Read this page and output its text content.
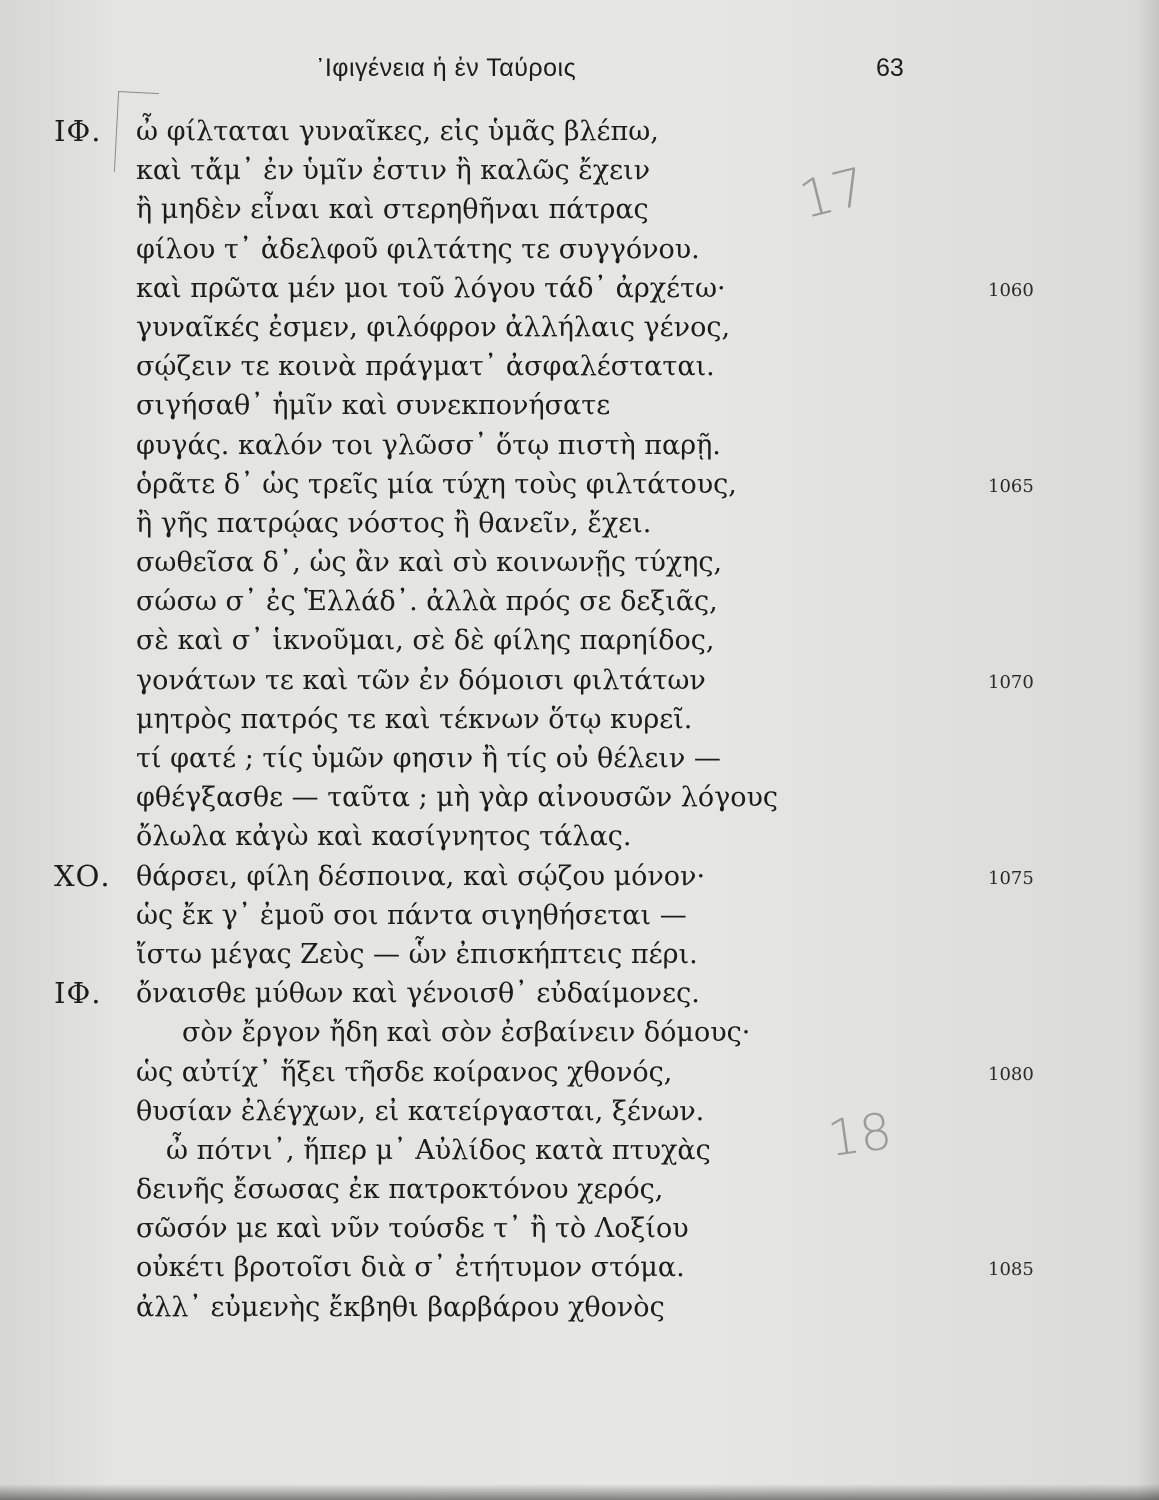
᾿Ιφιγένεια ἡ ἐν Ταύροις	63
17
18
ΙΦ. ὦ φίλταται γυναῖκες, εἰς ὑμᾶς βλέπω,
καὶ τἄμ᾿ ἐν ὑμῖν ἐστιν ἢ καλῶς ἔχειν
ἢ μηδὲν εἶναι καὶ στερηθῆναι πάτρας
φίλου τ᾿ ἀδελφοῦ φιλτάτης τε συγγόνου.
καὶ πρῶτα μέν μοι τοῦ λόγου τάδ᾿ ἀρχέτω·	1060
γυναῖκές ἐσμεν, φιλόφρον ἀλλήλαις γένος,
σῴζειν τε κοινὰ πράγματ᾿ ἀσφαλέσταται.
σιγήσαθ᾿ ἡμῖν καὶ συνεκπονήσατε
φυγάς. καλόν τοι γλῶσσ᾿ ὅτῳ πιστὴ παρῇ.
ὁρᾶτε δ᾿ ὡς τρεῖς μία τύχη τοὺς φιλτάτους,	1065
ἢ γῆς πατρῴας νόστος ἢ θανεῖν, ἔχει.
σωθεῖσα δ᾿, ὡς ἂν καὶ σὺ κοινωνῇς τύχης,
σώσω σ᾿ ἐς Ἑλλάδ᾿. ἀλλὰ πρός σε δεξιᾶς,
σὲ καὶ σ᾿ ἱκνοῦμαι, σὲ δὲ φίλης παρηίδος,
γονάτων τε καὶ τῶν ἐν δόμοισι φιλτάτων	1070
μητρὸς πατρός τε καὶ τέκνων ὅτῳ κυρεῖ.
τί φατέ ; τίς ὑμῶν φησιν ἢ τίς οὐ θέλειν —
φθέγξασθε — ταῦτα ; μὴ γὰρ αἰνουσῶν λόγους
ὄλωλα κἀγὼ καὶ κασίγνητος τάλας.
ΧΟ. θάρσει, φίλη δέσποινα, καὶ σῴζου μόνον·	1075
ὡς ἔκ γ᾿ ἐμοῦ σοι πάντα σιγηθήσεται —
ἴστω μέγας Ζεὺς — ὧν ἐπισκήπτεις πέρι.
ΙΦ. ὄναισθε μύθων καὶ γένοισθ᾿ εὐδαίμονες.
σὸν ἔργον ἤδη καὶ σὸν ἐσβαίνειν δόμους·
ὡς αὐτίχ᾿ ἥξει τῆσδε κοίρανος χθονός,	1080
θυσίαν ἐλέγχων, εἰ κατείργασται, ξένων.
ὦ πότνι᾿, ἥπερ μ᾿ Αὐλίδος κατὰ πτυχὰς
δεινῆς ἔσωσας ἐκ πατροκτόνου χερός,
σῶσόν με καὶ νῦν τούσδε τ᾿ ἢ τὸ Λοξίου
οὐκέτι βροτοῖσι διὰ σ᾿ ἐτήτυμον στόμα.	1085
ἀλλ᾿ εὐμενὴς ἔκβηθι βαρβάρου χθονὸς
